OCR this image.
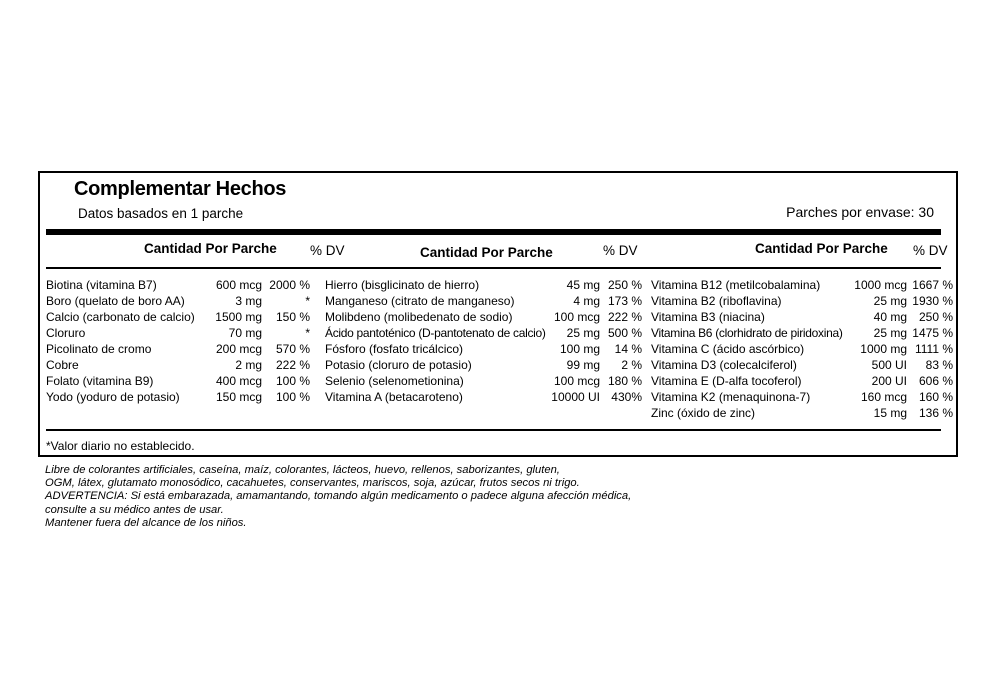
Complementar Hechos
Datos basados en 1 parche	Parches por envase: 30
Cantidad Por Parche % DV	Cantidad Por Parche	% DV	Cantidad Por Parche % DV
Biotina (vitamina B7)	600 mcg 2000 %
Boro (quelato de boro AA)	3 mg	*
Calcio (carbonato de calcio) 1500 mg 150 %
Cloruro	70 mg	*
Picolinato de cromo	200 mcg 570 %
Cobre	2 mg 222 %
Folato (vitamina B9)	400 mcg 100 %
Yodo (yoduro de potasio)	150 mcg 100 %
Hierro (bisglicinato de hierro)	45 mg 250 %
Manganeso (citrato de manganeso)	4 mg 173 %
Molibdeno (molibedenato de sodio)	100 mcg 222 %
Ácido pantoténico (D-pantotenato de calcio) 25 mg 500 %
Fósforo (fosfato tricálcico)	100 mg 14 %
Potasio (cloruro de potasio)	99 mg 2 %
Selenio (selenometionina)	100 mcg 180 %
Vitamina A (betacaroteno)	10000 UI 430%
Vitamina B12 (metilcobalamina)	1000 mcg 1667 %
Vitamina B2 (riboflavina)	25 mg 1930 %
Vitamina B3 (niacina)	40 mg 250 %
Vitamina B6 (clorhidrato de piridoxina)	25 mg 1475 %
Vitamina C (ácido ascórbico)	1000 mg 1111 %
Vitamina D3 (colecalciferol)	500 UI 83 %
Vitamina E (D-alfa tocoferol)	200 UI 606 %
Vitamina K2 (menaquinona-7)	160 mcg 160 %
Zinc (óxido de zinc)	15 mg 136 %
*Valor diario no establecido.
Libre de colorantes artificiales, caseína, maíz, colorantes, lácteos, huevo, rellenos, saborizantes, gluten,
OGM, látex, glutamato monosódico, cacahuetes, conservantes, mariscos, soja, azúcar, frutos secos ni trigo.
ADVERTENCIA: Si está embarazada, amamantando, tomando algún medicamento o padece alguna afección médica,
consulte a su médico antes de usar.
Mantener fuera del alcance de los niños.
